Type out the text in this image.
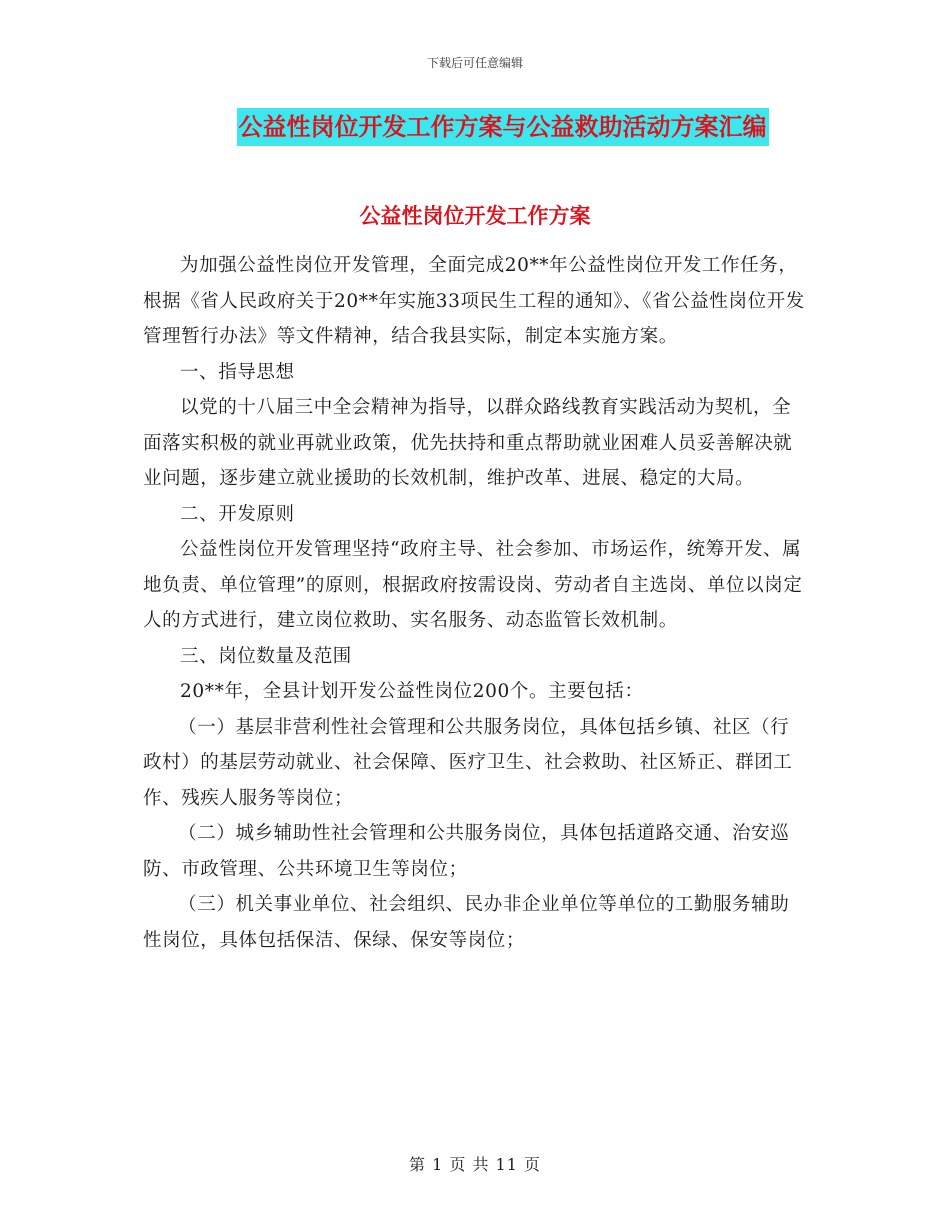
下载后可任意编辑
公益性岗位开发工作方案与公益救助活动方案汇编
公益性岗位开发工作方案

为加强公益性岗位开发管理，全面完成20**年公益性岗位开发工作任务，根据《省人民政府关于20**年实施33项民生工程的通知》、《省公益性岗位开发管理暂行办法》等文件精神，结合我县实际，制定本实施方案。

一、指导思想

以党的十八届三中全会精神为指导，以群众路线教育实践活动为契机，全面落实积极的就业再就业政策，优先扶持和重点帮助就业困难人员妥善解决就业问题，逐步建立就业援助的长效机制，维护改革、进展、稳定的大局。

二、开发原则

公益性岗位开发管理坚持“政府主导、社会参加、市场运作，统筹开发、属地负责、单位管理”的原则，根据政府按需设岗、劳动者自主选岗、单位以岗定人的方式进行，建立岗位救助、实名服务、动态监管长效机制。

三、岗位数量及范围

20**年，全县计划开发公益性岗位200个。主要包括：

（一）基层非营利性社会管理和公共服务岗位，具体包括乡镇、社区（行政村）的基层劳动就业、社会保障、医疗卫生、社会救助、社区矫正、群团工作、残疾人服务等岗位；

（二）城乡辅助性社会管理和公共服务岗位，具体包括道路交通、治安巡防、市政管理、公共环境卫生等岗位；

（三）机关事业单位、社会组织、民办非企业单位等单位的工勤服务辅助性岗位，具体包括保洁、保绿、保安等岗位；

第 1 页 共 11 页
